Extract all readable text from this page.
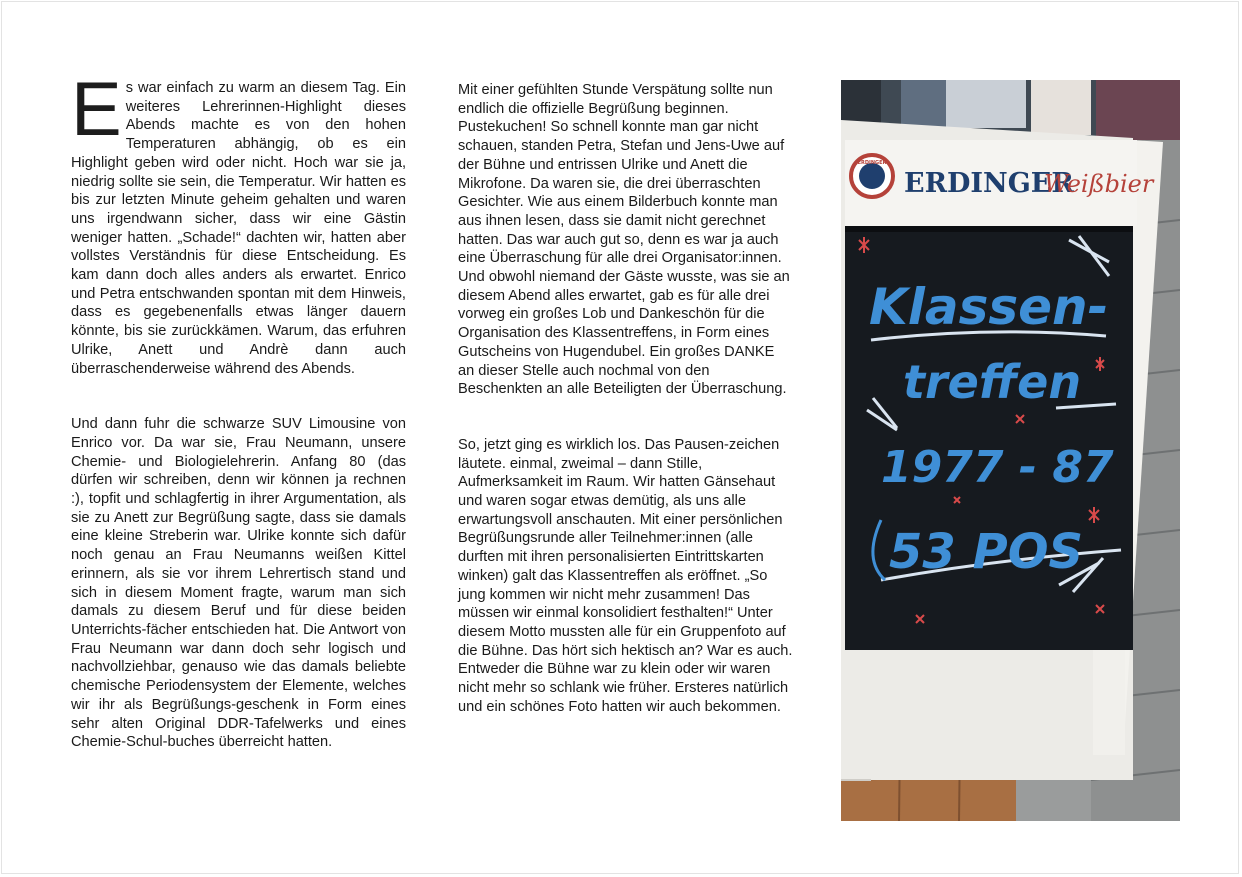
Es war einfach zu warm an diesem Tag. Ein weiteres Lehrerinnen-Highlight dieses Abends machte es von den hohen Temperaturen abhängig, ob es ein Highlight geben wird oder nicht. Hoch war sie ja, niedrig sollte sie sein, die Temperatur. Wir hatten es bis zur letzten Minute geheim gehalten und waren uns irgendwann sicher, dass wir eine Gästin weniger hatten. „Schade!“ dachten wir, hatten aber vollstes Verständnis für diese Entscheidung. Es kam dann doch alles anders als erwartet. Enrico und Petra entschwanden spontan mit dem Hinweis, dass es gegebenenfalls etwas länger dauern könnte, bis sie zurückkämen. Warum, das erfuhren Ulrike, Anett und Andrè dann auch überraschenderweise während des Abends.

Und dann fuhr die schwarze SUV Limousine von Enrico vor. Da war sie, Frau Neumann, unsere Chemie- und Biologielehrerin. Anfang 80 (das dürfen wir schreiben, denn wir können ja rechnen :), topfit und schlagfertig in ihrer Argumentation, als sie zu Anett zur Begrüßung sagte, dass sie damals eine kleine Streberin war. Ulrike konnte sich dafür noch genau an Frau Neumanns weißen Kittel erinnern, als sie vor ihrem Lehrertisch stand und sich in diesem Moment fragte, warum man sich damals zu diesem Beruf und für diese beiden Unterrichts-fächer entschieden hat. Die Antwort von Frau Neumann war dann doch sehr logisch und nachvollziehbar, genauso wie das damals beliebte chemische Periodensystem der Elemente, welches wir ihr als Begrüßungs-geschenk in Form eines sehr alten Original DDR-Tafelwerks und eines Chemie-Schul-buches überreicht hatten.

Mit einer gefühlten Stunde Verspätung sollte nun endlich die offizielle Begrüßung beginnen. Pustekuchen! So schnell konnte man gar nicht schauen, standen Petra, Stefan und Jens-Uwe auf der Bühne und entrissen Ulrike und Anett die Mikrofone. Da waren sie, die drei überraschten Gesichter. Wie aus einem Bilderbuch konnte man aus ihnen lesen, dass sie damit nicht gerechnet hatten. Das war auch gut so, denn es war ja auch eine Überraschung für alle drei Organisator:innen. Und obwohl niemand der Gäste wusste, was sie an diesem Abend alles erwartet, gab es für alle drei vorweg ein großes Lob und Dankeschön für die Organisation des Klassentreffens, in Form eines Gutscheins von Hugendubel. Ein großes DANKE an dieser Stelle auch nochmal von den Beschenkten an alle Beteiligten der Überraschung.

So, jetzt ging es wirklich los. Das Pausen-zeichen läutete. einmal, zweimal – dann Stille, Aufmerksamkeit im Raum. Wir hatten Gänsehaut und waren sogar etwas demütig, als uns alle erwartungsvoll anschauten. Mit einer persönlichen Begrüßungsrunde aller Teilnehmer:innen (alle durften mit ihren personalisierten Eintrittskarten winken) galt das Klassentreffen als eröffnet. „So jung kommen wir nicht mehr zusammen! Das müssen wir einmal konsolidiert festhalten!“ Unter diesem Motto mussten alle für ein Gruppenfoto auf die Bühne. Das hört sich hektisch an? War es auch. Entweder die Bühne war zu klein oder wir waren nicht mehr so schlank wie früher. Ersteres natürlich und ein schönes Foto hatten wir auch bekommen.

ERDINGER
ERDINGER
Weißbier
Klassen-
treffen
1977 - 87
53 POS
